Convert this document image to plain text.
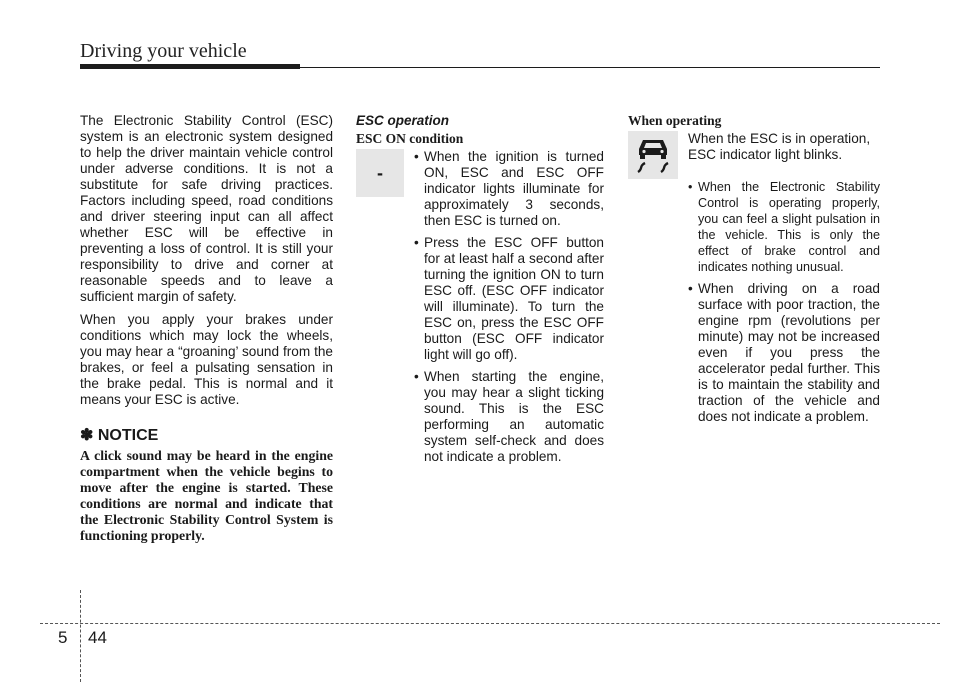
Driving your vehicle

The Electronic Stability Control (ESC) system is an electronic system designed to help the driver maintain vehicle control under adverse conditions. It is not a substitute for safe driving practices. Factors including speed, road conditions and driver steering input can all affect whether ESC will be effective in preventing a loss of control. It is still your responsibility to drive and corner at reasonable speeds and to leave a sufficient margin of safety.

When you apply your brakes under conditions which may lock the wheels, you may hear a “groaning’ sound from the brakes, or feel a pulsating sensation in the brake pedal. This is normal and it means your ESC is active.

✽ NOTICE
A click sound may be heard in the engine compartment when the vehicle begins to move after the engine is started. These conditions are normal and indicate that the Electronic Stability Control System is functioning properly.
ESC operation
ESC ON condition
-
• When the ignition is turned ON, ESC and ESC OFF indicator lights illuminate for approximately 3 seconds, then ESC is turned on.
• Press the ESC OFF button for at least half a second after turning the ignition ON to turn ESC off. (ESC OFF indicator will illuminate). To turn the ESC on, press the ESC OFF button (ESC OFF indicator light will go off).
• When starting the engine, you may hear a slight ticking sound. This is the ESC performing an automatic system self-check and does not indicate a problem.
When operating
When the ESC is in operation, ESC indicator light blinks.
• When the Electronic Stability Control is operating properly, you can feel a slight pulsation in the vehicle. This is only the effect of brake control and indicates nothing unusual.
• When driving on a road surface with poor traction, the engine rpm (revolutions per minute) may not be increased even if you press the accelerator pedal further. This is to maintain the stability and traction of the vehicle and does not indicate a problem.
5 44
